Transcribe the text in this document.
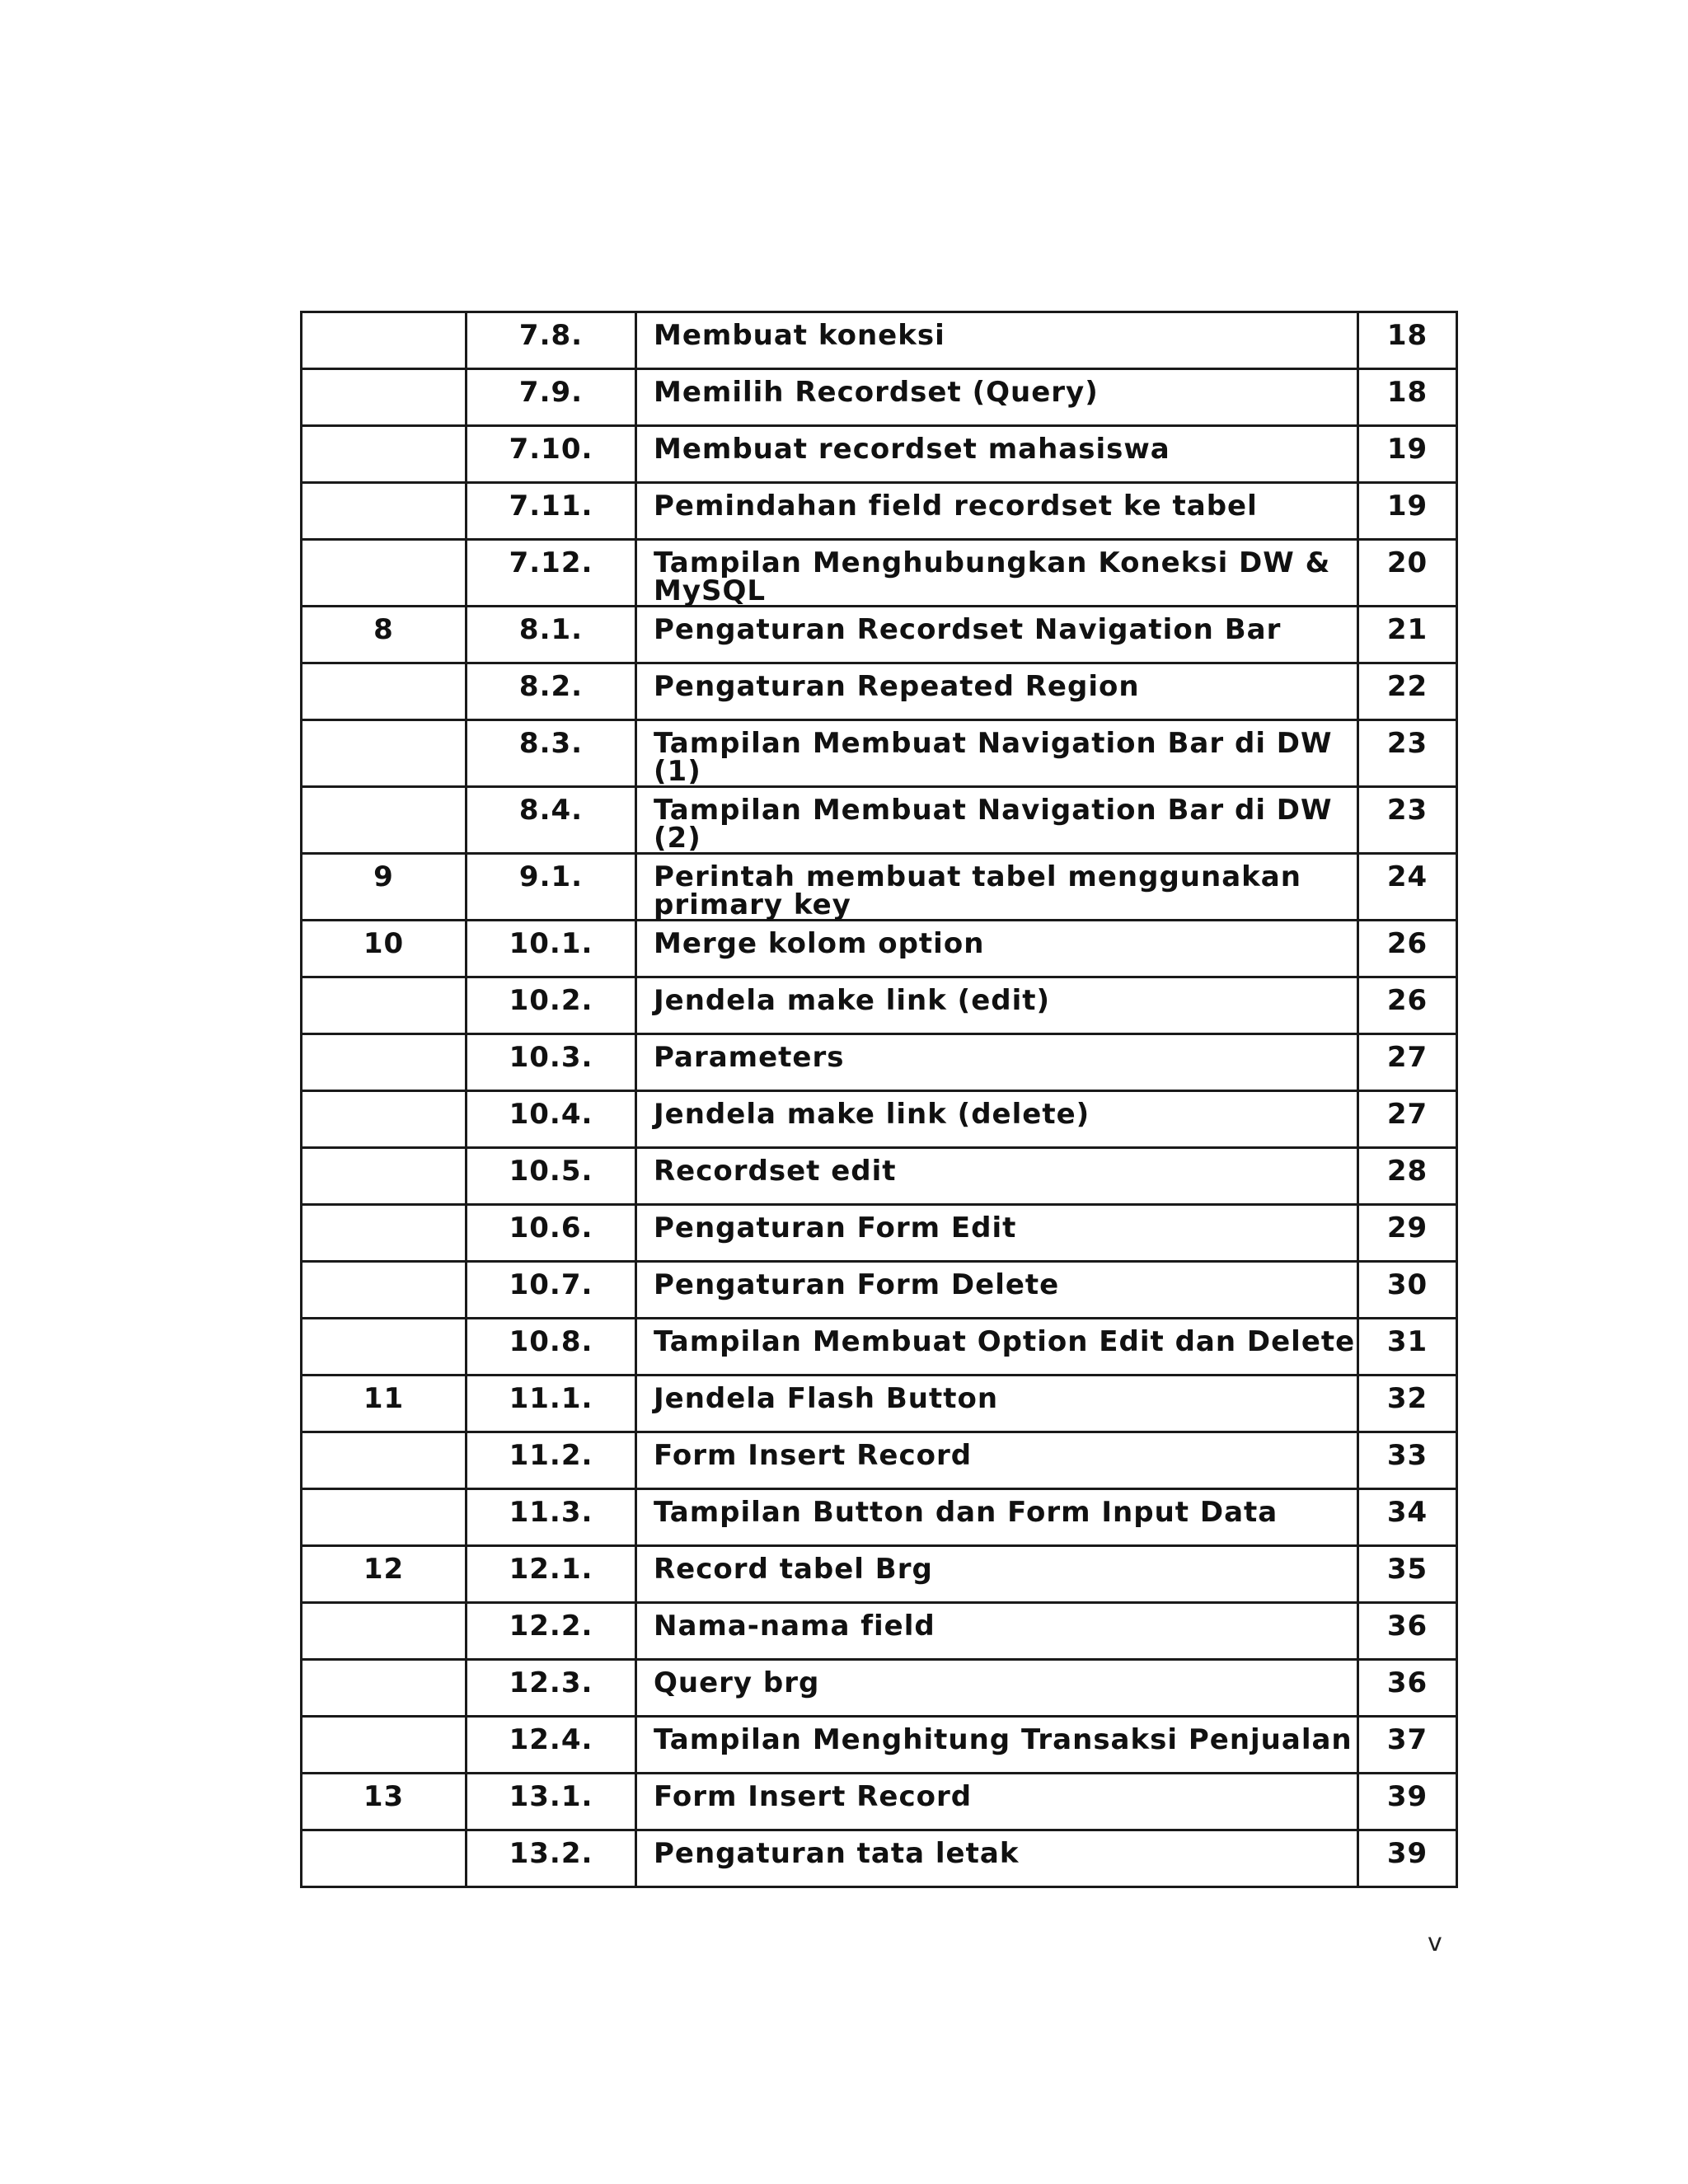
	7.8.	Membuat koneksi	18

	7.9.	Memilih Recordset (Query)	18

	7.10.	Membuat recordset mahasiswa	19

	7.11.	Pemindahan field recordset ke tabel	19

	7.12.	Tampilan Menghubungkan Koneksi DW & MySQL	20

8	8.1.	Pengaturan Recordset Navigation Bar	21

	8.2.	Pengaturan Repeated Region	22

	8.3.	Tampilan Membuat Navigation Bar di DW (1)	23

	8.4.	Tampilan Membuat Navigation Bar di DW (2)	23

9	9.1.	Perintah membuat tabel menggunakan primary key	24

10	10.1.	Merge kolom option	26

	10.2.	Jendela make link (edit)	26

	10.3.	Parameters	27

	10.4.	Jendela make link (delete)	27

	10.5.	Recordset edit	28

	10.6.	Pengaturan Form Edit	29

	10.7.	Pengaturan Form Delete	30

	10.8.	Tampilan Membuat Option Edit dan Delete	31

11	11.1.	Jendela Flash Button	32

	11.2.	Form Insert Record	33

	11.3.	Tampilan Button dan Form Input Data	34

12	12.1.	Record tabel Brg	35

	12.2.	Nama-nama field	36

	12.3.	Query brg	36

	12.4.	Tampilan Menghitung Transaksi Penjualan	37

13	13.1.	Form Insert Record	39

	13.2.	Pengaturan tata letak	39
v
